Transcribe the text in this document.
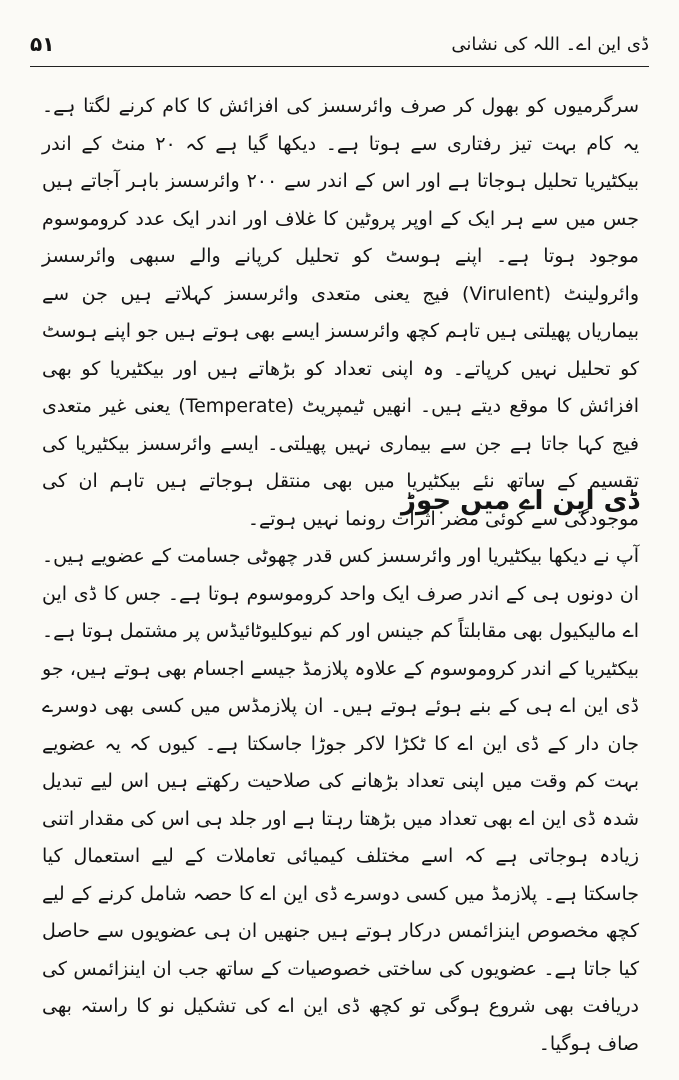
۵۱	ڈی این اے۔ اللہ کی نشانی

سرگرمیوں کو بھول کر صرف وائرسسز کی افزائش کا کام کرنے لگتا ہے۔ یہ کام بہت تیز رفتاری سے ہوتا ہے۔ دیکھا گیا ہے کہ ۲۰ منٹ کے اندر بیکٹیریا تحلیل ہوجاتا ہے اور اس کے اندر سے ۲۰۰ وائرسسز باہر آجاتے ہیں جس میں سے ہر ایک کے اوپر پروٹین کا غلاف اور اندر ایک عدد کروموسوم موجود ہوتا ہے۔ اپنے ہوسٹ کو تحلیل کرپانے والے سبھی وائرسسز وائرولینٹ (Virulent) فیج یعنی متعدی وائرسسز کہلاتے ہیں جن سے بیماریاں پھیلتی ہیں تاہم کچھ وائرسسز ایسے بھی ہوتے ہیں جو اپنے ہوسٹ کو تحلیل نہیں کرپاتے۔ وہ اپنی تعداد کو بڑھاتے ہیں اور بیکٹیریا کو بھی افزائش کا موقع دیتے ہیں۔ انھیں ٹیمپریٹ (Temperate) یعنی غیر متعدی فیج کہا جاتا ہے جن سے بیماری نہیں پھیلتی۔ ایسے وائرسسز بیکٹیریا کی تقسیم کے ساتھ نئے بیکٹیریا میں بھی منتقل ہوجاتے ہیں تاہم ان کی موجودگی سے کوئی مضر اثرات رونما نہیں ہوتے۔

ڈی این اے میں جوڑ

آپ نے دیکھا بیکٹیریا اور وائرسسز کس قدر چھوٹی جسامت کے عضویے ہیں۔ ان دونوں ہی کے اندر صرف ایک واحد کروموسوم ہوتا ہے۔ جس کا ڈی این اے مالیکیول بھی مقابلتاً کم جینس اور کم نیوکلیوٹائیڈس پر مشتمل ہوتا ہے۔ بیکٹیریا کے اندر کروموسوم کے علاوہ پلازمڈ جیسے اجسام بھی ہوتے ہیں، جو ڈی این اے ہی کے بنے ہوئے ہوتے ہیں۔ ان پلازمڈس میں کسی بھی دوسرے جان دار کے ڈی این اے کا ٹکڑا لاکر جوڑا جاسکتا ہے۔ کیوں کہ یہ عضویے بہت کم وقت میں اپنی تعداد بڑھانے کی صلاحیت رکھتے ہیں اس لیے تبدیل شدہ ڈی این اے بھی تعداد میں بڑھتا رہتا ہے اور جلد ہی اس کی مقدار اتنی زیادہ ہوجاتی ہے کہ اسے مختلف کیمیائی تعاملات کے لیے استعمال کیا جاسکتا ہے۔ پلازمڈ میں کسی دوسرے ڈی این اے کا حصہ شامل کرنے کے لیے کچھ مخصوص اینزائمس درکار ہوتے ہیں جنھیں ان ہی عضویوں سے حاصل کیا جاتا ہے۔ عضویوں کی ساختی خصوصیات کے ساتھ جب ان اینزائمس کی دریافت بھی شروع ہوگی تو کچھ ڈی این اے کی تشکیل نو کا راستہ بھی صاف ہوگیا۔
